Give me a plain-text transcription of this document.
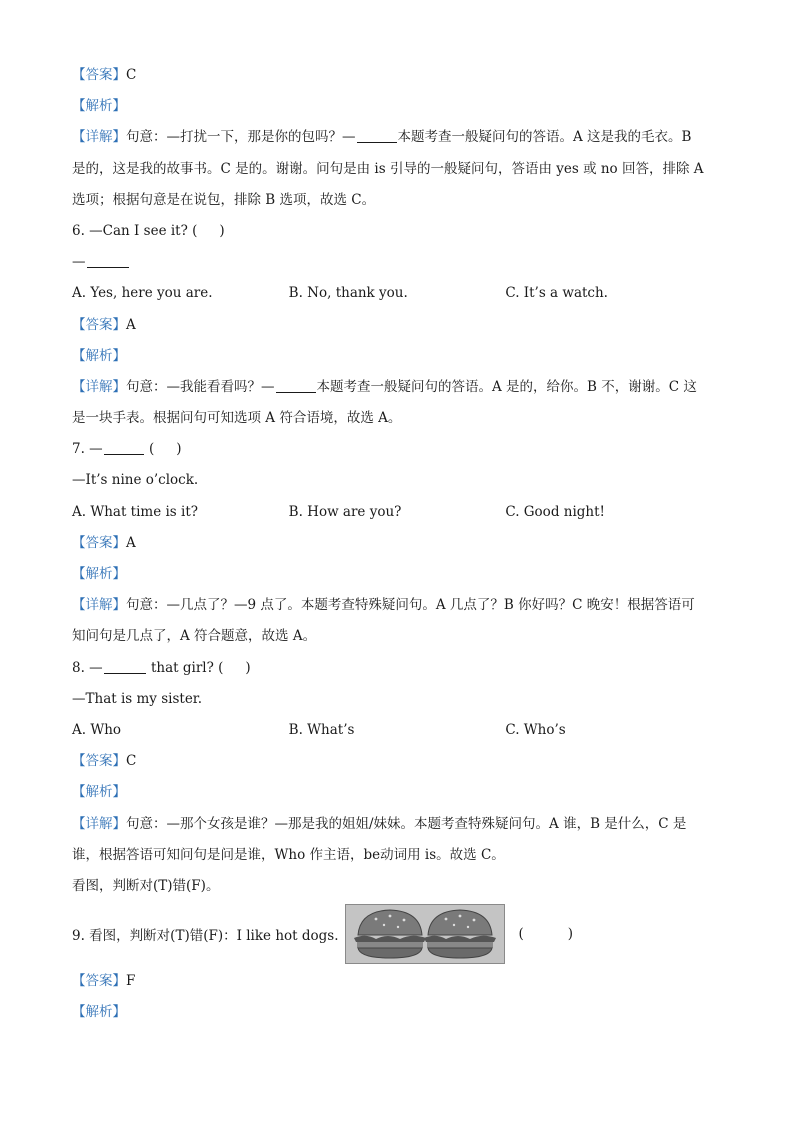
【答案】C
【解析】
【详解】句意：—打扰一下，那是你的包吗？—	本题考查一般疑问句的答语。A 这是我的毛衣。B
是的，这是我的故事书。C 是的。谢谢。问句是由 is 引导的一般疑问句，答语由 yes 或 no 回答，排除 A
选项；根据句意是在说包，排除 B 选项，故选 C。
6. —Can I see it? ( )
—
A. Yes, here you are.	B. No, thank you.	C. It’s a watch.
【答案】A
【解析】
【详解】句意：—我能看看吗？—	本题考查一般疑问句的答语。A 是的，给你。B 不，谢谢。C 这
是一块手表。根据问句可知选项 A 符合语境，故选 A。
7. —	( )
—It’s nine o’clock.
A. What time is it?	B. How are you?	C. Good night!
【答案】A
【解析】
【详解】句意：—几点了？—9 点了。本题考查特殊疑问句。A 几点了？B 你好吗？C 晚安！根据答语可
知问句是几点了，A 符合题意，故选 A。
8. —	that girl? ( )
—That is my sister.
A. Who	B. What’s	C. Who’s
【答案】C
【解析】
【详解】句意：—那个女孩是谁？—那是我的姐姐/妹妹。本题考查特殊疑问句。A 谁，B 是什么，C 是
谁，根据答语可知问句是问是谁，Who 作主语，be动词用 is。故选 C。
看图，判断对(T)错(F)。
9. 看图，判断对(T)错(F)：I like hot dogs.	(	)
【答案】F
【解析】
